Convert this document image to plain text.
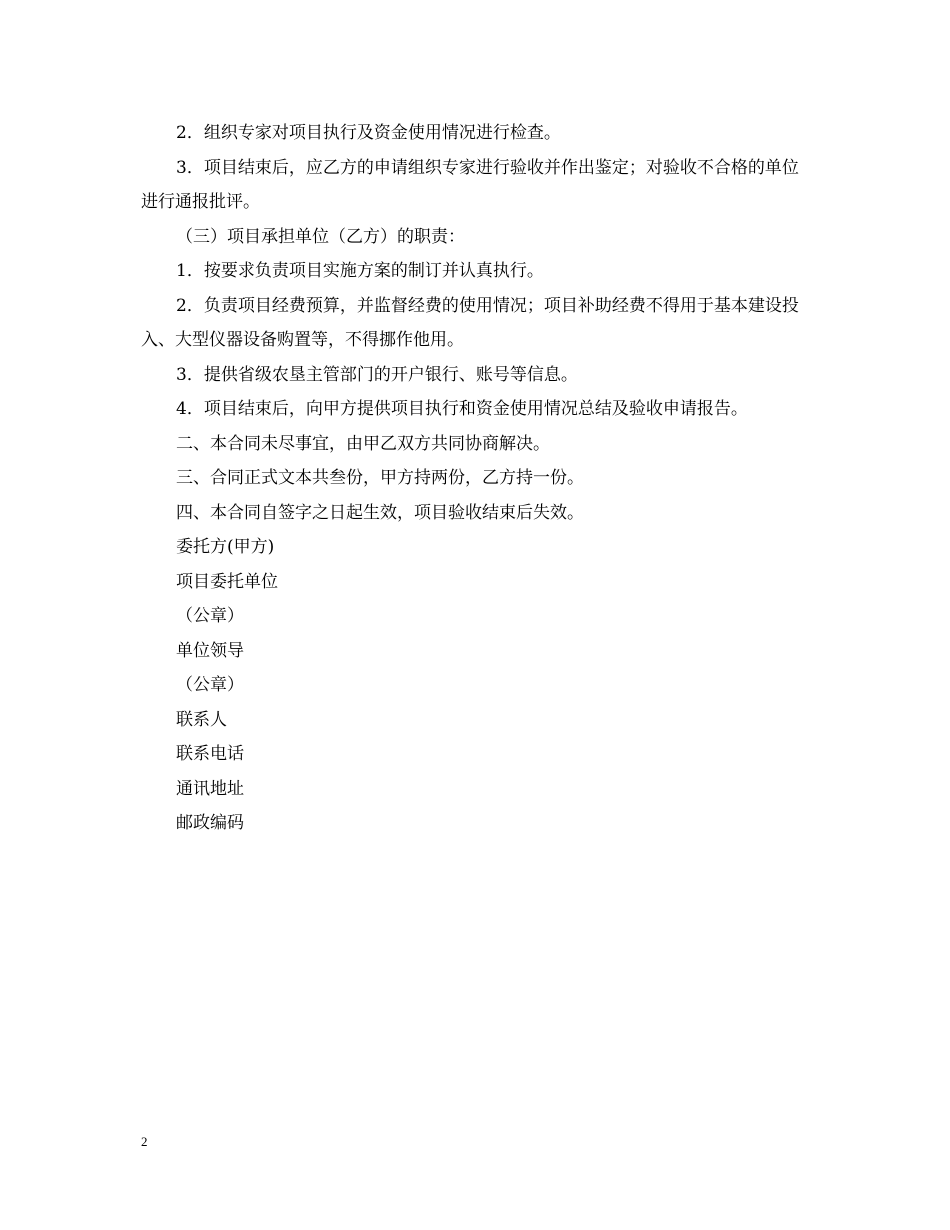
2．组织专家对项目执行及资金使用情况进行检查。

3．项目结束后，应乙方的申请组织专家进行验收并作出鉴定；对验收不合格的单位进行通报批评。

（三）项目承担单位（乙方）的职责：

1．按要求负责项目实施方案的制订并认真执行。

2．负责项目经费预算，并监督经费的使用情况；项目补助经费不得用于基本建设投入、大型仪器设备购置等，不得挪作他用。

3．提供省级农垦主管部门的开户银行、账号等信息。

4．项目结束后，向甲方提供项目执行和资金使用情况总结及验收申请报告。

二、本合同未尽事宜，由甲乙双方共同协商解决。

三、合同正式文本共叁份，甲方持两份，乙方持一份。

四、本合同自签字之日起生效，项目验收结束后失效。

委托方(甲方)

项目委托单位

（公章）

单位领导

（公章）

联系人

联系电话

通讯地址

邮政编码

2
